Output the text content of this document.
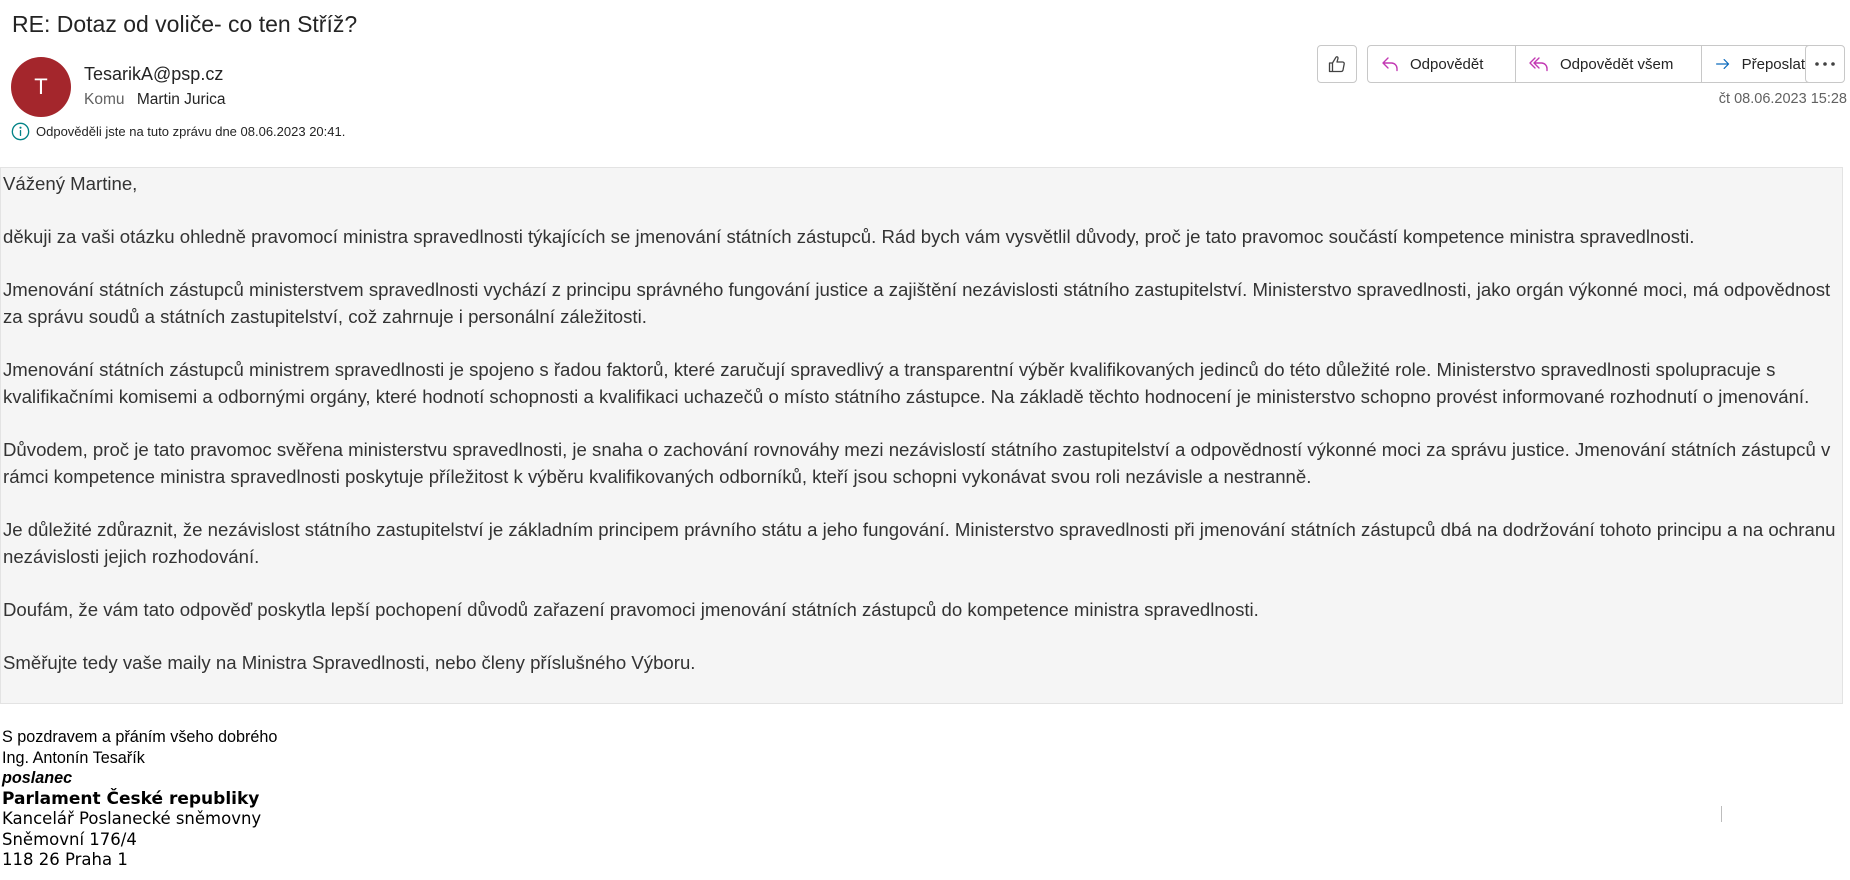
RE: Dotaz od voliče- co ten Stříž?
T TesarikA@psp.cz
Komu Martin Jurica
Odpověděli jste na tuto zprávu dne 08.06.2023 20:41.
Odpovědět	Odpovědět všem	Přeposlat
čt 08.06.2023 15:28

Vážený Martine,

děkuji za vaši otázku ohledně pravomocí ministra spravedlnosti týkajících se jmenování státních zástupců. Rád bych vám vysvětlil důvody, proč je tato pravomoc součástí kompetence ministra spravedlnosti.

Jmenování státních zástupců ministerstvem spravedlnosti vychází z principu správného fungování justice a zajištění nezávislosti státního zastupitelství. Ministerstvo spravedlnosti, jako orgán výkonné moci, má odpovědnost za správu soudů a státních zastupitelství, což zahrnuje i personální záležitosti.

Jmenování státních zástupců ministrem spravedlnosti je spojeno s řadou faktorů, které zaručují spravedlivý a transparentní výběr kvalifikovaných jedinců do této důležité role. Ministerstvo spravedlnosti spolupracuje s kvalifikačními komisemi a odbornými orgány, které hodnotí schopnosti a kvalifikaci uchazečů o místo státního zástupce. Na základě těchto hodnocení je ministerstvo schopno provést informované rozhodnutí o jmenování.

Důvodem, proč je tato pravomoc svěřena ministerstvu spravedlnosti, je snaha o zachování rovnováhy mezi nezávislostí státního zastupitelství a odpovědností výkonné moci za správu justice. Jmenování státních zástupců v rámci kompetence ministra spravedlnosti poskytuje příležitost k výběru kvalifikovaných odborníků, kteří jsou schopni vykonávat svou roli nezávisle a nestranně.

Je důležité zdůraznit, že nezávislost státního zastupitelství je základním principem právního státu a jeho fungování. Ministerstvo spravedlnosti při jmenování státních zástupců dbá na dodržování tohoto principu a na ochranu nezávislosti jejich rozhodování.

Doufám, že vám tato odpověď poskytla lepší pochopení důvodů zařazení pravomoci jmenování státních zástupců do kompetence ministra spravedlnosti.

Směřujte tedy vaše maily na Ministra Spravedlnosti, nebo členy příslušného Výboru.

S pozdravem a přáním všeho dobrého
Ing. Antonín Tesařík
poslanec
Parlament České republiky
Kancelář Poslanecké sněmovny
Sněmovní 176/4
118 26 Praha 1
